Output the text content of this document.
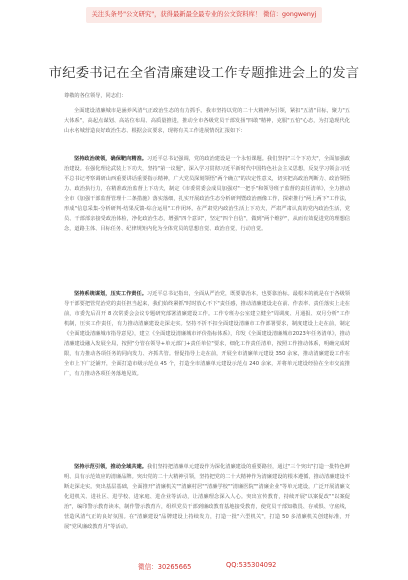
关注头条号"公文研究"，获得最新最全最专业的公文资料库！ 微信：gongwenyj
市纪委书记在全省清廉建设工作专题推进会上的发言
尊敬的各位领导，同志们：
全面建设清廉城市是涵养风清气正政治生态的有力抓手。我市坚持以党的二十大精神为引领，紧扣"五清"目标，聚力"五大体系"，高起点谋划、高站位布局、高质量推进，推动全市各级党员干部发扬"四敢"精神，克服"五怕"心态，为打造现代化山水名城营造良好政治生态、根据会议要求，现将有关工作进展情况汇报如下：
坚持政治统领，确保靶向精准。习近平总书记强调，党的政治建设是一个永恒课题。我们坚持"三个下功夫"，全面加强政治建设。在强化理论武装上下功夫，坚持"第一议题"，深入学习贯彻习近平新时代中国特色社会主义思想，反复学习领会习近平总书记考察调研山西重要讲话重要指示精神，广大党员深刻领悟"两个确立"的决定性意义，切实把高政治判断力、政治领悟力、政治执行力，在精准政治监督上下功夫，制定《市委常委会成员加强对"一把手"和领导班子监督的责任清单》，全力推动全市《加强干部监督管理十二条措施》落实落细，扎实开展政治生态分析研判暨政治画像工作，探索推行"两上两下"工作法，形成"信息采集-分析研判-结果反馈-综合运用"工作闭环。在严肃党内政治生活上下功夫，严肃严肃认真的党内政治生活，党员、干部部亲接受政治体检，净化政治生态，增强"四个意识"，坚定"四个自信"，做到"两个维护"，从而有效促进党的理想信念，道路主体、目标任务、纪律规矩内化为全体党员的思想自觉、政治自觉，行动自觉。
坚持系统谋划，压实工作责任。习近平总书记指出，全面从严治党，既要靠治本，也要靠治标。最根本的就是在于各级领导干部要把管党治党的责任担当起来，我们始终紧抓"时时放心不下"责任感，推动清廉建设走在前、作表率、责任落实上走在前，市委先后召开 8 次常委会会议专题研究部署清廉建设工作。工作专班办公室建立健全"周调度、月通报、双月分析"工作机制，压实工作责任，有力推动清廉建设走深走实。坚持不折不扣全面建设清廉市工作部署要求，制度建设上走在前，制定《全面建设清廉城市指导意见》，建立《全面建设清廉城市评价指标体系》，印发《全面建设清廉城市2023年任务清单》，推动清廉建设融入发展全局，按照"分管在领导+单元部门+责任单位"要求，细化工作责任清单，按照工作推动体系，明确完成时限，有力推动各项任务的同向发力、齐抓共管。督促指导上走在前，开展全市清廉单元建设 350 余家，推动清廉建设工作在全市上下广泛铺开，全面打造市级示范点 45 个，打造全市清廉单元建设示范点 240 余家，并将单元建设经验在全市交流推广，有力推动各项任务落地见效。
坚持示范引领，推动全域共建。我们坚持把清廉单元建设作为深化清廉建设的重要路径，通过"三个突出"打造一批特色鲜明、具有示范效应的清廉品牌。突出党的二十大精神引领，坚持把党的二十大精神作为清廉建设的根本遵循，推动清廉建设不断走深走实。突出基层基础，全面推开"清廉机关""清廉村居""清廉学校""清廉医院""清廉企业"等单元建设，广泛开展清廉文化进机关、进社区、进学校、进家庭、进企业等活动，让清廉理念深入人心。突出宣传教育，持续开展"以案促改""以案促治"，编印警示教育读本，制作警示教育片，组织党员干部到廉政教育基地接受教育，使党员干部知敬畏、存戒惧、守底线，营造风清气正的良好氛围。在"清廉建设"品牌建设上持续发力，打造一批"六型机关"，打造 50 多清廉机关创建标准，开展"党风廉政教育月"等活动。
微信：30265665	QQ:535304092
